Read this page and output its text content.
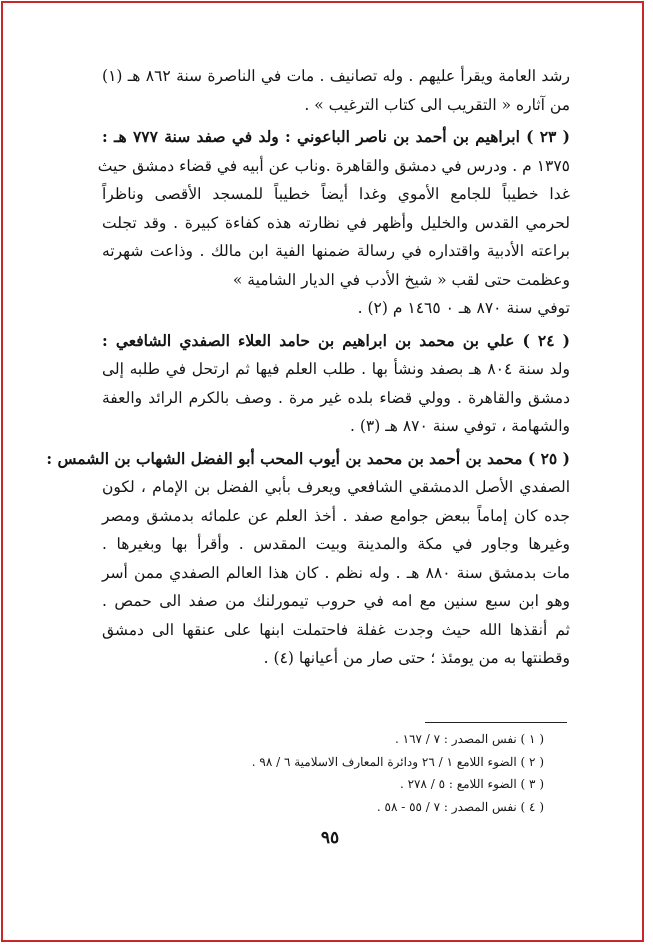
رشد العامة ويقرأ عليهم . وله تصانيف . مات في الناصرة سنة ٨٦٢ هـ (١)
من آثاره « التقريب الى كتاب الترغيب » .
( ٢٣ ) ابراهيم بن أحمد بن ناصر الباعوني : ولد في صفد سنة ٧٧٧ هـ :
١٣٧٥ م . ودرس في دمشق والقاهرة .وناب عن أبيه في قضاء دمشق حيث
غدا خطيباً للجامع الأموي وغدا أيضاً خطيباً للمسجد الأقصى وناظراً
لحرمي القدس والخليل وأظهر في نظارته هذه كفاءة كبيرة . وقد تجلت
براعته الأدبية واقتداره في رسالة ضمنها الفية ابن مالك . وذاعت شهرته
وعظمت حتى لقب « شيخ الأدب في الديار الشامية »
توفي سنة ٨٧٠ هـ ٠ ١٤٦٥ م (٢) .
( ٢٤ ) علي بن محمد بن ابراهيم بن حامد العلاء الصفدي الشافعي :
ولد سنة ٨٠٤ هـ بصفد ونشأ بها . طلب العلم فيها ثم ارتحل في طلبه إلى
دمشق والقاهرة . وولي قضاء بلده غير مرة . وصف بالكرم الرائد والعفة
والشهامة ، توفي سنة ٨٧٠ هـ (٣) .
( ٢٥ ) محمد بن أحمد بن محمد بن أيوب المحب أبو الفضل الشهاب بن الشمس :
الصفدي الأصل الدمشقي الشافعي ويعرف بأبي الفضل بن الإمام ، لكون
جده كان إماماً ببعض جوامع صفد . أخذ العلم عن علمائه بدمشق ومصر
وغيرها وجاور في مكة والمدينة وبيت المقدس . وأقرأ بها وبغيرها .
مات بدمشق سنة ٨٨٠ هـ . وله نظم . كان هذا العالم الصفدي ممن أسر
وهو ابن سبع سنين مع امه في حروب تيمورلنك من صفد الى حمص .
ثم أنقذها الله حيث وجدت غفلة فاحتملت ابنها على عنقها الى دمشق
وقطنتها به من يومئذ ؛ حتى صار من أعيانها (٤) .
( ١ ) نفس المصدر : ٧ / ١٦٧ .
( ٢ ) الضوء اللامع ١ / ٢٦ ودائرة المعارف الاسلامية ٦ / ٩٨ .
( ٣ ) الضوء اللامع : ٥ / ٢٧٨ .
( ٤ ) نفس المصدر : ٧ / ٥٥ - ٥٨ .
٩٥
